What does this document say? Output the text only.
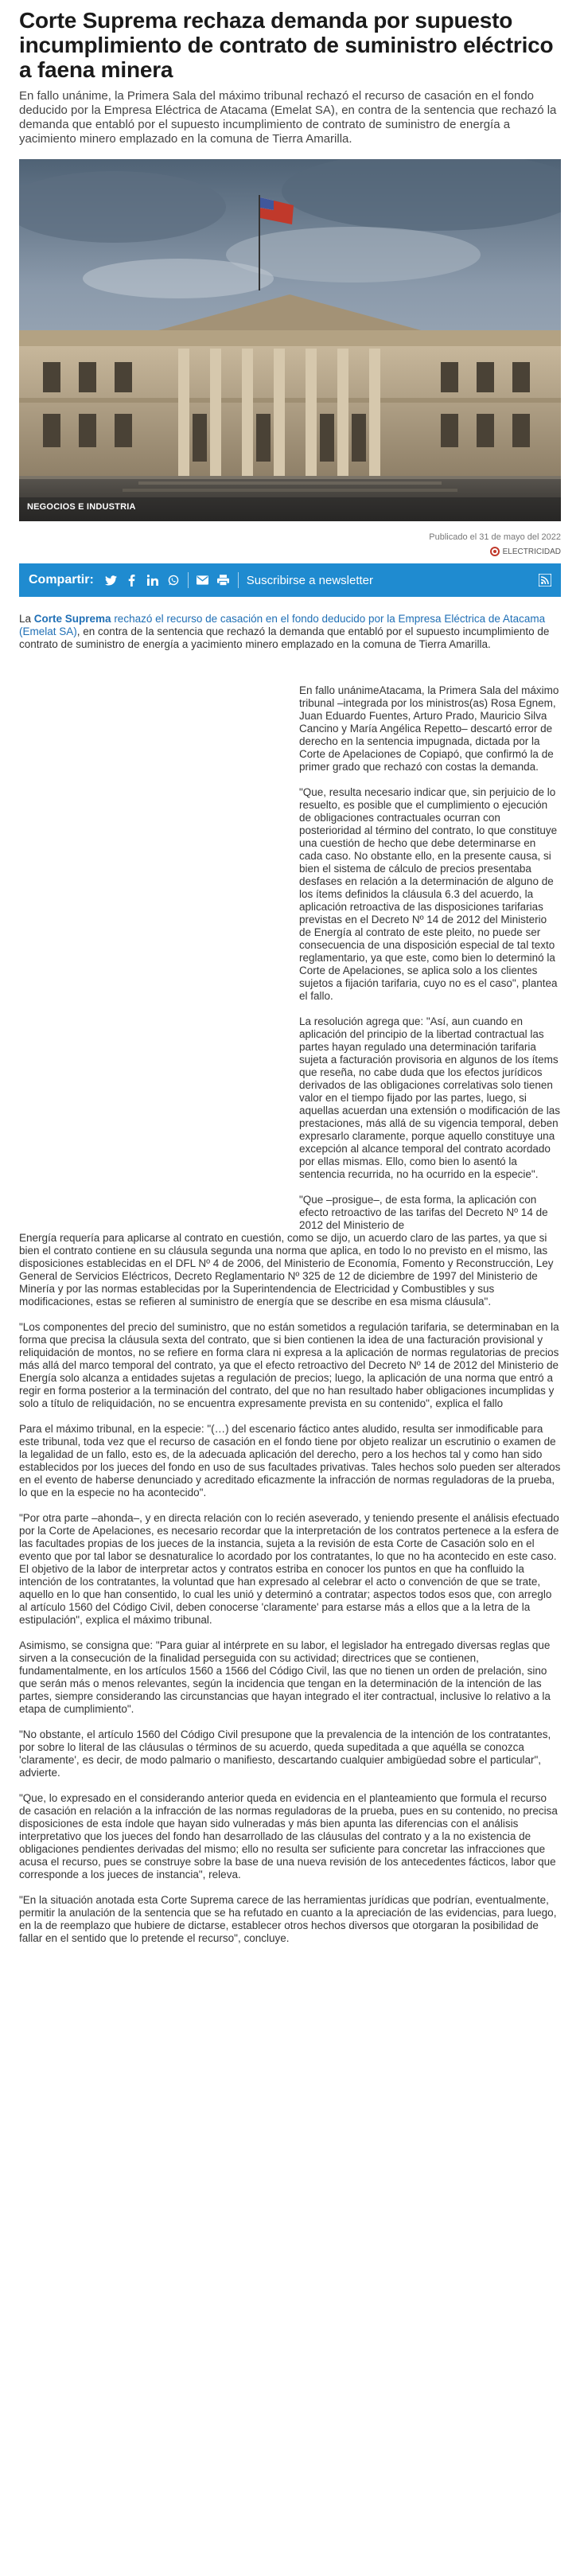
Corte Suprema rechaza demanda por supuesto incumplimiento de contrato de suministro eléctrico a faena minera

En fallo unánime, la Primera Sala del máximo tribunal rechazó el recurso de casación en el fondo deducido por la Empresa Eléctrica de Atacama (Emelat SA), en contra de la sentencia que rechazó la demanda que entabló por el supuesto incumplimiento de contrato de suministro de energía a yacimiento minero emplazado en la comuna de Tierra Amarilla.

NEGOCIOS E INDUSTRIA
Publicado el 31 de mayo del 2022
ELECTRICIDAD
Compartir:	Suscribirse a newsletter

La Corte Suprema rechazó el recurso de casación en el fondo deducido por la Empresa Eléctrica de Atacama (Emelat SA), en contra de la sentencia que rechazó la demanda que entabló por el supuesto incumplimiento de contrato de suministro de energía a yacimiento minero emplazado en la comuna de Tierra Amarilla.

En fallo unánimeAtacama, la Primera Sala del máximo tribunal –integrada por los ministros(as) Rosa Egnem, Juan Eduardo Fuentes, Arturo Prado, Mauricio Silva Cancino y María Angélica Repetto– descartó error de derecho en la sentencia impugnada, dictada por la Corte de Apelaciones de Copiapó, que confirmó la de primer grado que rechazó con costas la demanda.

"Que, resulta necesario indicar que, sin perjuicio de lo resuelto, es posible que el cumplimiento o ejecución de obligaciones contractuales ocurran con posterioridad al término del contrato, lo que constituye una cuestión de hecho que debe determinarse en cada caso. No obstante ello, en la presente causa, si bien el sistema de cálculo de precios presentaba desfases en relación a la determinación de alguno de los ítems definidos la cláusula 6.3 del acuerdo, la aplicación retroactiva de las disposiciones tarifarias previstas en el Decreto Nº 14 de 2012 del Ministerio de Energía al contrato de este pleito, no puede ser consecuencia de una disposición especial de tal texto reglamentario, ya que este, como bien lo determinó la Corte de Apelaciones, se aplica solo a los clientes sujetos a fijación tarifaria, cuyo no es el caso", plantea el fallo.

La resolución agrega que: "Así, aun cuando en aplicación del principio de la libertad contractual las partes hayan regulado una determinación tarifaria sujeta a facturación provisoria en algunos de los ítems que reseña, no cabe duda que los efectos jurídicos derivados de las obligaciones correlativas solo tienen valor en el tiempo fijado por las partes, luego, si aquellas acuerdan una extensión o modificación de las prestaciones, más allá de su vigencia temporal, deben expresarlo claramente, porque aquello constituye una excepción al alcance temporal del contrato acordado por ellas mismas. Ello, como bien lo asentó la sentencia recurrida, no ha ocurrido en la especie".

"Que –prosigue–, de esta forma, la aplicación con efecto retroactivo de las tarifas del Decreto Nº 14 de 2012 del Ministerio de

Energía requería para aplicarse al contrato en cuestión, como se dijo, un acuerdo claro de las partes, ya que si bien el contrato contiene en su cláusula segunda una norma que aplica, en todo lo no previsto en el mismo, las disposiciones establecidas en el DFL Nº 4 de 2006, del Ministerio de Economía, Fomento y Reconstrucción, Ley General de Servicios Eléctricos, Decreto Reglamentario Nº 325 de 12 de diciembre de 1997 del Ministerio de Minería y por las normas establecidas por la Superintendencia de Electricidad y Combustibles y sus modificaciones, estas se refieren al suministro de energía que se describe en esa misma cláusula".

"Los componentes del precio del suministro, que no están sometidos a regulación tarifaria, se determinaban en la forma que precisa la cláusula sexta del contrato, que si bien contienen la idea de una facturación provisional y reliquidación de montos, no se refiere en forma clara ni expresa a la aplicación de normas regulatorias de precios más allá del marco temporal del contrato, ya que el efecto retroactivo del Decreto Nº 14 de 2012 del Ministerio de Energía solo alcanza a entidades sujetas a regulación de precios; luego, la aplicación de una norma que entró a regir en forma posterior a la terminación del contrato, del que no han resultado haber obligaciones incumplidas y solo a título de reliquidación, no se encuentra expresamente prevista en su contenido", explica el fallo

Para el máximo tribunal, en la especie: "(…) del escenario fáctico antes aludido, resulta ser inmodificable para este tribunal, toda vez que el recurso de casación en el fondo tiene por objeto realizar un escrutinio o examen de la legalidad de un fallo, esto es, de la adecuada aplicación del derecho, pero a los hechos tal y como han sido establecidos por los jueces del fondo en uso de sus facultades privativas. Tales hechos solo pueden ser alterados en el evento de haberse denunciado y acreditado eficazmente la infracción de normas reguladoras de la prueba, lo que en la especie no ha acontecido".

"Por otra parte –ahonda–, y en directa relación con lo recién aseverado, y teniendo presente el análisis efectuado por la Corte de Apelaciones, es necesario recordar que la interpretación de los contratos pertenece a la esfera de las facultades propias de los jueces de la instancia, sujeta a la revisión de esta Corte de Casación solo en el evento que por tal labor se desnaturalice lo acordado por los contratantes, lo que no ha acontecido en este caso. El objetivo de la labor de interpretar actos y contratos estriba en conocer los puntos en que ha confluido la intención de los contratantes, la voluntad que han expresado al celebrar el acto o convención de que se trate, aquello en lo que han consentido, lo cual les unió y determinó a contratar; aspectos todos esos que, con arreglo al artículo 1560 del Código Civil, deben conocerse 'claramente' para estarse más a ellos que a la letra de la estipulación", explica el máximo tribunal.

Asimismo, se consigna que: "Para guiar al intérprete en su labor, el legislador ha entregado diversas reglas que sirven a la consecución de la finalidad perseguida con su actividad; directrices que se contienen, fundamentalmente, en los artículos 1560 a 1566 del Código Civil, las que no tienen un orden de prelación, sino que serán más o menos relevantes, según la incidencia que tengan en la determinación de la intención de las partes, siempre considerando las circunstancias que hayan integrado el iter contractual, inclusive lo relativo a la etapa de cumplimiento".

"No obstante, el artículo 1560 del Código Civil presupone que la prevalencia de la intención de los contratantes, por sobre lo literal de las cláusulas o términos de su acuerdo, queda supeditada a que aquélla se conozca 'claramente', es decir, de modo palmario o manifiesto, descartando cualquier ambigüedad sobre el particular", advierte.

"Que, lo expresado en el considerando anterior queda en evidencia en el planteamiento que formula el recurso de casación en relación a la infracción de las normas reguladoras de la prueba, pues en su contenido, no precisa disposiciones de esta índole que hayan sido vulneradas y más bien apunta las diferencias con el análisis interpretativo que los jueces del fondo han desarrollado de las cláusulas del contrato y a la no existencia de obligaciones pendientes derivadas del mismo; ello no resulta ser suficiente para concretar las infracciones que acusa el recurso, pues se construye sobre la base de una nueva revisión de los antecedentes fácticos, labor que corresponde a los jueces de instancia", releva.

"En la situación anotada esta Corte Suprema carece de las herramientas jurídicas que podrían, eventualmente, permitir la anulación de la sentencia que se ha refutado en cuanto a la apreciación de las evidencias, para luego, en la de reemplazo que hubiere de dictarse, establecer otros hechos diversos que otorgaran la posibilidad de fallar en el sentido que lo pretende el recurso", concluye.
